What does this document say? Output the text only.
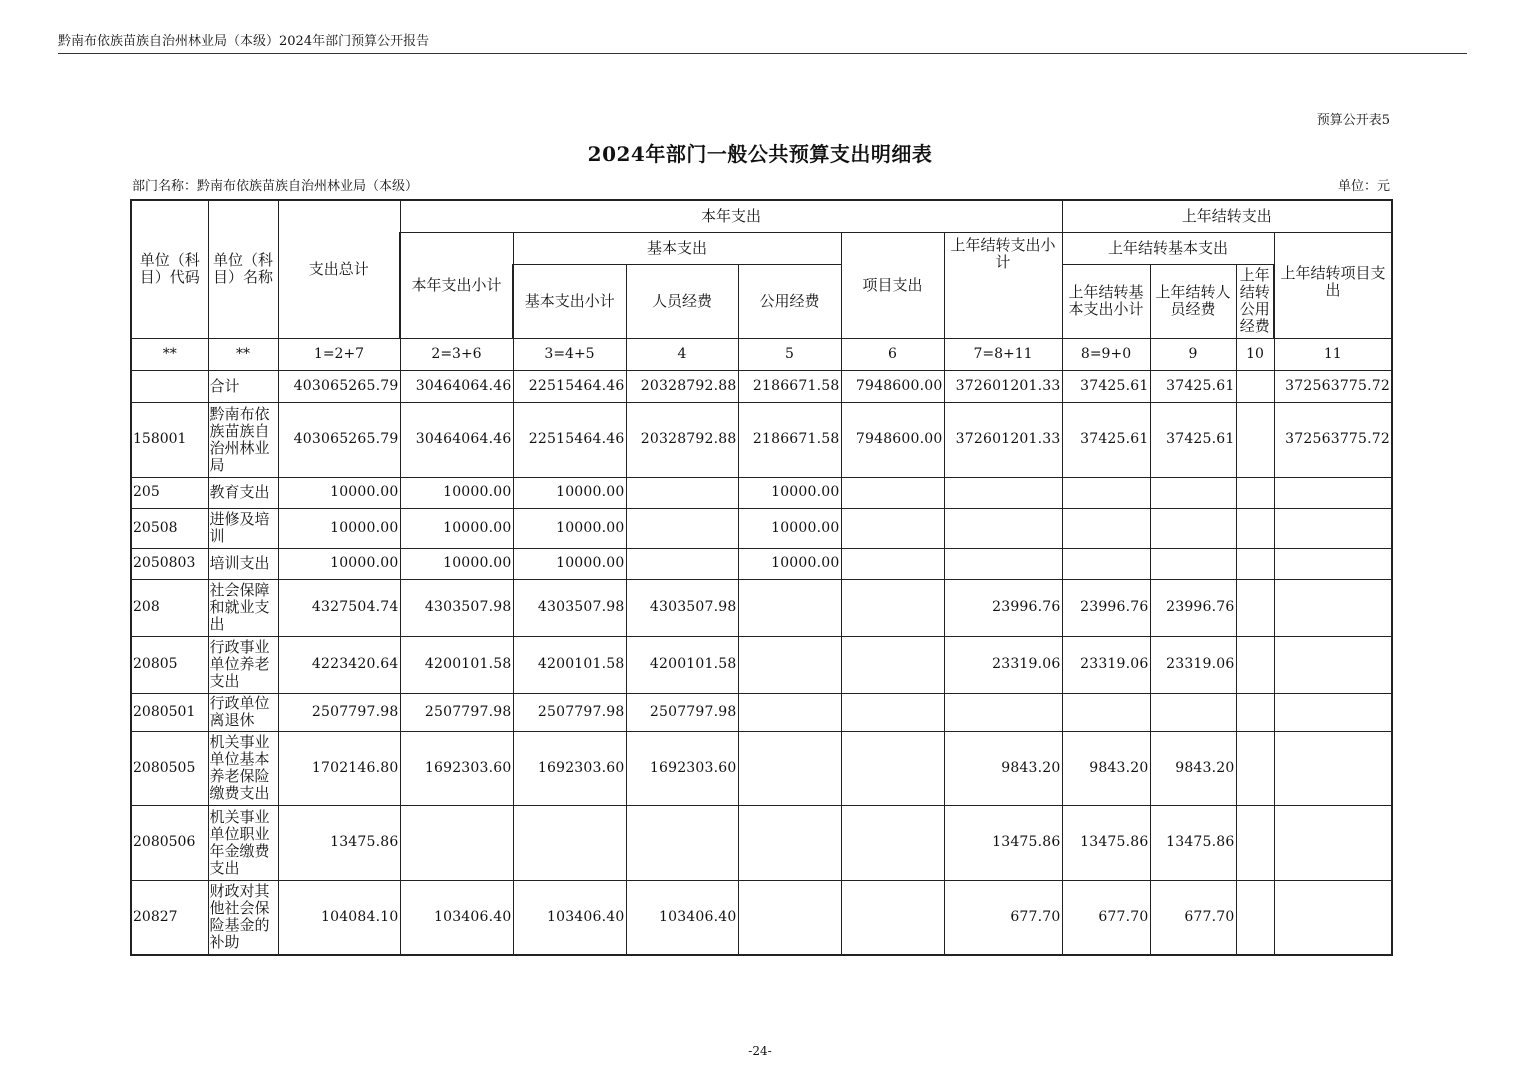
黔南布依族苗族自治州林业局（本级）2024年部门预算公开报告
预算公开表5
2024年部门一般公共预算支出明细表
部门名称：黔南布依族苗族自治州林业局（本级）	单位：元
单位（科目）代码	单位（科目）名称	支出总计	本年支出						上年结转支出			
			本年支出小计	基本支出			项目支出	上年结转支出小计	上年结转基本支出			上年结转项目支出
				基本支出小计	人员经费	公用经费			上年结转基本支出小计	上年结转人员经费	上年结转公用经费	
**	**	1=2+7	2=3+6	3=4+5	4	5	6	7=8+11	8=9+0	9	10	11
	合计	403065265.79	30464064.46	22515464.46	20328792.88	2186671.58	7948600.00	372601201.33	37425.61	37425.61		372563775.72
158001	黔南布依族苗族自治州林业局	403065265.79	30464064.46	22515464.46	20328792.88	2186671.58	7948600.00	372601201.33	37425.61	37425.61		372563775.72
205	教育支出	10000.00	10000.00	10000.00		10000.00						
20508	进修及培训	10000.00	10000.00	10000.00		10000.00						
2050803	培训支出	10000.00	10000.00	10000.00		10000.00						
208	社会保障和就业支出	4327504.74	4303507.98	4303507.98	4303507.98			23996.76	23996.76	23996.76		
20805	行政事业单位养老支出	4223420.64	4200101.58	4200101.58	4200101.58			23319.06	23319.06	23319.06		
2080501	行政单位离退休	2507797.98	2507797.98	2507797.98	2507797.98							
2080505	机关事业单位基本养老保险缴费支出	1702146.80	1692303.60	1692303.60	1692303.60			9843.20	9843.20	9843.20		
2080506	机关事业单位职业年金缴费支出	13475.86						13475.86	13475.86	13475.86		
20827	财政对其他社会保险基金的补助	104084.10	103406.40	103406.40	103406.40			677.70	677.70	677.70		
-24-
